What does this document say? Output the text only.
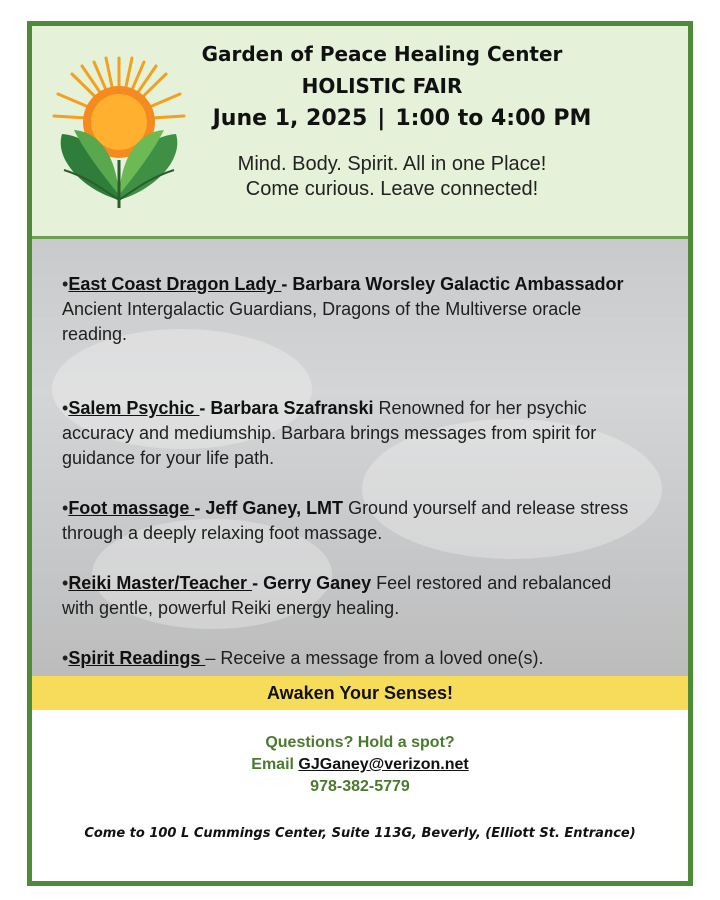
Garden of Peace Healing Center
HOLISTIC FAIR
June 1, 2025 | 1:00 to 4:00 PM
Mind. Body. Spirit. All in one Place!
Come curious. Leave connected!
•East Coast Dragon Lady - Barbara Worsley Galactic Ambassador
Ancient Intergalactic Guardians, Dragons of the Multiverse oracle reading.
•Salem Psychic - Barbara Szafranski Renowned for her psychic accuracy and mediumship. Barbara brings messages from spirit for guidance for your life path.
•Foot massage - Jeff Ganey, LMT Ground yourself and release stress through a deeply relaxing foot massage.
•Reiki Master/Teacher - Gerry Ganey Feel restored and rebalanced with gentle, powerful Reiki energy healing.
•Spirit Readings – Receive a message from a loved one(s).
Awaken Your Senses!
Questions? Hold a spot?
Email GJGaney@verizon.net
978-382-5779
Come to 100 L Cummings Center, Suite 113G, Beverly, (Elliott St. Entrance)
